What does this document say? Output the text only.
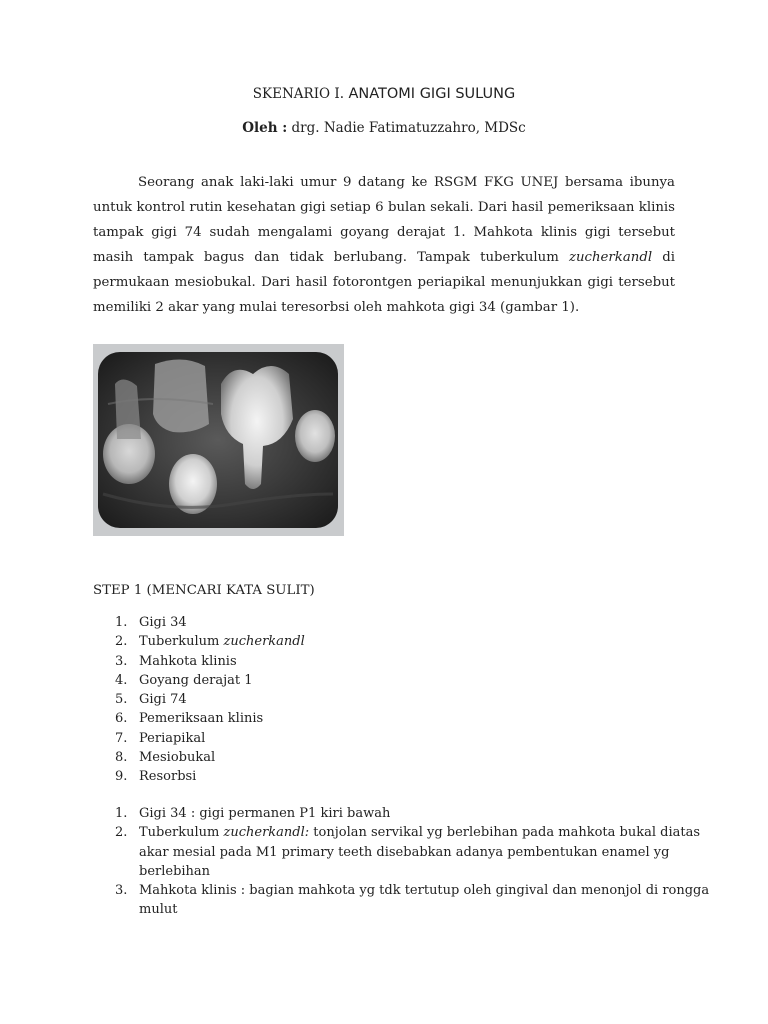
SKENARIO I. ANATOMI GIGI SULUNG
Oleh : drg. Nadie Fatimatuzzahro, MDSc

Seorang anak laki-laki umur 9 datang ke RSGM FKG UNEJ bersama ibunya untuk kontrol rutin kesehatan gigi setiap 6 bulan sekali. Dari hasil pemeriksaan klinis tampak gigi 74 sudah mengalami goyang derajat 1. Mahkota klinis gigi tersebut masih tampak bagus dan tidak berlubang. Tampak tuberkulum zucherkandl di permukaan mesiobukal. Dari hasil fotorontgen periapikal menunjukkan gigi tersebut memiliki 2 akar yang mulai teresorbsi oleh mahkota gigi 34 (gambar 1).

STEP 1 (MENCARI KATA SULIT)
1. Gigi 34
2. Tuberkulum zucherkandl
3. Mahkota klinis
4. Goyang derajat 1
5. Gigi 74
6. Pemeriksaan klinis
7. Periapikal
8. Mesiobukal
9. Resorbsi
1. Gigi 34 : gigi permanen P1 kiri bawah
2. Tuberkulum zucherkandl: tonjolan servikal yg berlebihan pada mahkota bukal diatas akar mesial pada M1 primary teeth disebabkan adanya pembentukan enamel yg berlebihan
3. Mahkota klinis : bagian mahkota yg tdk tertutup oleh gingival dan menonjol di rongga mulut
